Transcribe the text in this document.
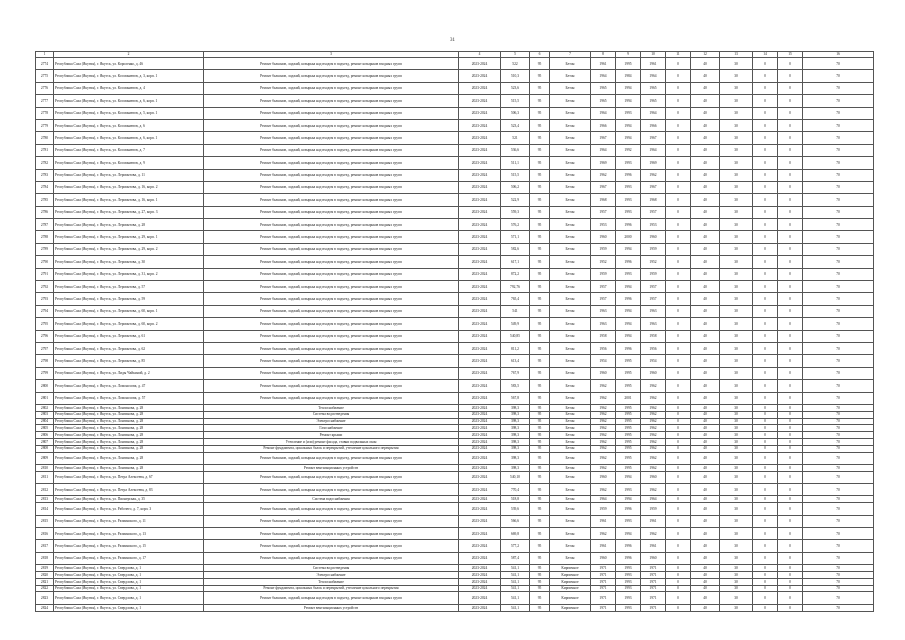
31
1	2	3	4	5	6	7	8	9	10	11	12	13	14	15	16
2774	Республика Саха (Якутия), г. Якутск, ул. Короленко, д. 46	Ремонт балконов, лоджий, козырька над входом в подъезд, ремонт козырьков входных групп	2023-2024	522	95	Бетон	1961	1995	1961	0	40	30	0	0	70
2775	Республика Саха (Якутия), г. Якутск, ул. Космонавтов, д. 3, корп. 1	Ремонт балконов, лоджий, козырька над входом в подъезд, ремонт козырьков входных групп	2023-2024	510,3	95	Бетон	1964	1984	1964	0	40	30	0	0	70
2776	Республика Саха (Якутия), г. Якутск, ул. Космонавтов, д. 4	Ремонт балконов, лоджий, козырька над входом в подъезд, ремонт козырьков входных групп	2023-2024	523,6	95	Бетон	1965	1994	1965	0	40	30	0	0	70
2777	Республика Саха (Якутия), г. Якутск, ул. Космонавтов, д. 6, корп. 1	Ремонт балконов, лоджий, козырька над входом в подъезд, ремонт козырьков входных групп	2023-2024	515,5	95	Бетон	1965	1994	1965	0	40	30	0	0	70
2778	Республика Саха (Якутия), г. Якутск, ул. Космонавтов, д. 5, корп. 1	Ремонт балконов, лоджий, козырька над входом в подъезд, ремонт козырьков входных групп	2023-2024	506,3	95	Бетон	1964	1993	1964	0	40	30	0	0	70
2779	Республика Саха (Якутия), г. Якутск, ул. Космонавтов, д. 6	Ремонт балконов, лоджий, козырька над входом в подъезд, ремонт козырьков входных групп	2023-2024	523,4	95	Бетон	1966	1994	1966	0	40	30	0	0	70
2780	Республика Саха (Якутия), г. Якутск, ул. Космонавтов, д. 6, корп. 1	Ремонт балконов, лоджий, козырька над входом в подъезд, ремонт козырьков входных групп	2023-2024	521	95	Бетон	1967	1994	1967	0	40	30	0	0	70
2781	Республика Саха (Якутия), г. Якутск, ул. Космонавтов, д. 7	Ремонт балконов, лоджий, козырька над входом в подъезд, ремонт козырьков входных групп	2023-2024	536,6	95	Бетон	1964	1992	1964	0	40	30	0	0	70
2782	Республика Саха (Якутия), г. Якутск, ул. Космонавтов, д. 9	Ремонт балконов, лоджий, козырька над входом в подъезд, ремонт козырьков входных групп	2023-2024	511,1	95	Бетон	1969	1993	1969	0	40	30	0	0	70
2783	Республика Саха (Якутия), г. Якутск, ул. Лермонтова, д. 11	Ремонт балконов, лоджий, козырька над входом в подъезд, ремонт козырьков входных групп	2023-2024	515,5	95	Бетон	1962	1996	1962	0	40	30	0	0	70
2784	Республика Саха (Якутия), г. Якутск, ул. Лермонтова, д. 16, корп. 2	Ремонт балконов, лоджий, козырька над входом в подъезд, ремонт козырьков входных групп	2023-2024	506,2	95	Бетон	1967	1993	1967	0	40	30	0	0	70
2785	Республика Саха (Якутия), г. Якутск, ул. Лермонтова, д. 16, корп. 1	Ремонт балконов, лоджий, козырька над входом в подъезд, ремонт козырьков входных групп	2023-2024	522,9	95	Бетон	1968	1993	1968	0	40	30	0	0	70
2786	Республика Саха (Якутия), г. Якутск, ул. Лермонтова, д. 27, корп. 3	Ремонт балконов, лоджий, козырька над входом в подъезд, ремонт козырьков входных групп	2023-2024	559,3	95	Бетон	1957	1993	1957	0	40	30	0	0	70
2787	Республика Саха (Якутия), г. Якутск, ул. Лермонтова, д. 28	Ремонт балконов, лоджий, козырька над входом в подъезд, ремонт козырьков входных групп	2023-2024	576,2	95	Бетон	1953	1996	1953	0	40	30	0	0	70
2788	Республика Саха (Якутия), г. Якутск, ул. Лермонтова, д. 29, корп. 1	Ремонт балконов, лоджий, козырька над входом в подъезд, ремонт козырьков входных групп	2023-2024	571,1	95	Бетон	1960	2000	1960	0	40	30	0	0	70
2789	Республика Саха (Якутия), г. Якутск, ул. Лермонтова, д. 29, корп. 2	Ремонт балконов, лоджий, козырька над входом в подъезд, ремонт козырьков входных групп	2023-2024	582,6	95	Бетон	1959	1994	1959	0	40	30	0	0	70
2790	Республика Саха (Якутия), г. Якутск, ул. Лермонтова, д. 30	Ремонт балконов, лоджий, козырька над входом в подъезд, ремонт козырьков входных групп	2023-2024	617,1	95	Бетон	1952	1996	1952	0	40	30	0	0	70
2791	Республика Саха (Якутия), г. Якутск, ул. Лермонтова, д. 31, корп. 2	Ремонт балконов, лоджий, козырька над входом в подъезд, ремонт козырьков входных групп	2023-2024	872,2	95	Бетон	1959	1993	1959	0	40	30	0	0	70
2792	Республика Саха (Якутия), г. Якутск, ул. Лермонтова, д. 57	Ремонт балконов, лоджий, козырька над входом в подъезд, ремонт козырьков входных групп	2023-2024	792,76	95	Бетон	1957	1994	1957	0	40	30	0	0	70
2793	Республика Саха (Якутия), г. Якутск, ул. Лермонтова, д. 59	Ремонт балконов, лоджий, козырька над входом в подъезд, ремонт козырьков входных групп	2023-2024	765,4	95	Бетон	1957	1996	1957	0	40	30	0	0	70
2794	Республика Саха (Якутия), г. Якутск, ул. Лермонтова, д. 60, корп. 1	Ремонт балконов, лоджий, козырька над входом в подъезд, ремонт козырьков входных групп	2023-2024	541	95	Бетон	1963	1994	1963	0	40	30	0	0	70
2795	Республика Саха (Якутия), г. Якутск, ул. Лермонтова, д. 60, корп. 2	Ремонт балконов, лоджий, козырька над входом в подъезд, ремонт козырьков входных групп	2023-2024	549,9	95	Бетон	1963	1994	1963	0	40	30	0	0	70
2796	Республика Саха (Якутия), г. Якутск, ул. Лермонтова, д. 61	Ремонт балконов, лоджий, козырька над входом в подъезд, ремонт козырьков входных групп	2023-2024	540,85	95	Бетон	1958	1994	1958	0	40	30	0	0	70
2797	Республика Саха (Якутия), г. Якутск, ул. Лермонтова, д. 62	Ремонт балконов, лоджий, козырька над входом в подъезд, ремонт козырьков входных групп	2023-2024	811,2	95	Бетон	1956	1996	1956	0	40	30	0	0	70
2798	Республика Саха (Якутия), г. Якутск, ул. Лермонтова, д. 85	Ремонт балконов, лоджий, козырька над входом в подъезд, ремонт козырьков входных групп	2023-2024	613,4	95	Бетон	1954	1995	1954	0	40	30	0	0	70
2799	Республика Саха (Якутия), г. Якутск, ул. Лиды Чайкиной, д. 2	Ремонт балконов, лоджий, козырька над входом в подъезд, ремонт козырьков входных групп	2023-2024	767,9	95	Бетон	1960	1995	1960	0	40	30	0	0	70
2800	Республика Саха (Якутия), г. Якутск, ул. Ломоносова, д. 47	Ремонт балконов, лоджий, козырька над входом в подъезд, ремонт козырьков входных групп	2023-2024	583,5	95	Бетон	1962	1995	1962	0	40	30	0	0	70
2801	Республика Саха (Якутия), г. Якутск, ул. Ломоносова, д. 57	Ремонт балконов, лоджий, козырька над входом в подъезд, ремонт козырьков входных групп	2023-2024	567,8	95	Бетон	1962	2001	1962	0	40	30	0	0	70
2802	Республика Саха (Якутия), г. Якутск, ул. Лонгинова, д. 28	Теплоснабжение	2023-2024	398,3	95	Бетон	1962	1995	1962	0	40	30	0	0	70
2803	Республика Саха (Якутия), г. Якутск, ул. Лонгинова, д. 28	Система водоотведения	2023-2024	398,3	95	Бетон	1962	1995	1962	0	40	30	0	0	70
2804	Республика Саха (Якутия), г. Якутск, ул. Лонгинова, д. 28	Электроснабжение	2023-2024	398,3	95	Бетон	1962	1995	1962	0	40	30	0	0	70
2805	Республика Саха (Якутия), г. Якутск, ул. Лонгинова, д. 28	Газоснабжение	2023-2024	398,3	95	Бетон	1962	1995	1962	0	40	30	0	0	70
2806	Республика Саха (Якутия), г. Якутск, ул. Лонгинова, д. 28	Ремонт крыши	2023-2024	398,3	95	Бетон	1962	1995	1962	0	40	30	0	0	70
2807	Республика Саха (Якутия), г. Якутск, ул. Лонгинова, д. 28	Утепление и (или) ремонт фасада, ставни подвальных окон	2023-2024	398,3	95	Бетон	1962	1995	1962	0	40	30	0	0	70
2808	Республика Саха (Якутия), г. Якутск, ул. Лонгинова, д. 28	Ремонт фундамента, цокольных балок и перекрытий, утепление цокольного перекрытия	2023-2024	398,3	95	Бетон	1962	1995	1962	0	40	30	0	0	70
2809	Республика Саха (Якутия), г. Якутск, ул. Лонгинова, д. 28	Ремонт балконов, лоджий, козырька над входом в подъезд, ремонт козырьков входных групп	2023-2024	398,3	95	Бетон	1962	1995	1962	0	40	30	0	0	70
2810	Республика Саха (Якутия), г. Якутск, ул. Лонгинова, д. 28	Ремонт вентиляционных устройств	2023-2024	398,3	95	Бетон	1962	1995	1962	0	40	30	0	0	70
2811	Республика Саха (Якутия), г. Якутск, ул. Петра Алексеева, д. 67	Ремонт балконов, лоджий, козырька над входом в подъезд, ремонт козырьков входных групп	2023-2024	540,10	95	Бетон	1960	1994	1960	0	40	30	0	0	70
2812	Республика Саха (Якутия), г. Якутск, ул. Петра Алексеева, д. 83	Ремонт балконов, лоджий, козырька над входом в подъезд, ремонт козырьков входных групп	2023-2024	770,4	95	Бетон	1962	1993	1962	0	40	30	0	0	70
2813	Республика Саха (Якутия), г. Якутск, ул. Пионерская, д. 35	Система водоснабжения	2023-2024	518,8	95	Бетон	1964	1994	1964	0	40	30	0	0	70
2814	Республика Саха (Якутия), г. Якутск, ул. Рабочего, д. 7, корп. 3	Ремонт балконов, лоджий, козырька над входом в подъезд, ремонт козырьков входных групп	2023-2024	539,6	95	Бетон	1959	1996	1959	0	40	30	0	0	70
2815	Республика Саха (Якутия), г. Якутск, ул. Разминского, д. 11	Ремонт балконов, лоджий, козырька над входом в подъезд, ремонт козырьков входных групп	2023-2024	566,6	95	Бетон	1961	1993	1961	0	40	30	0	0	70
2816	Республика Саха (Якутия), г. Якутск, ул. Разминского, д. 13	Ремонт балконов, лоджий, козырька над входом в подъезд, ремонт козырьков входных групп	2023-2024	669,8	95	Бетон	1962	1994	1962	0	40	30	0	0	70
2817	Республика Саха (Якутия), г. Якутск, ул. Разминского, д. 15	Ремонт балконов, лоджий, козырька над входом в подъезд, ремонт козырьков входных групп	2023-2024	577,2	95	Бетон	1961	1996	1961	0	40	30	0	0	70
2818	Республика Саха (Якутия), г. Якутск, ул. Разминского, д. 17	Ремонт балконов, лоджий, козырька над входом в подъезд, ремонт козырьков входных групп	2023-2024	587,4	95	Бетон	1960	1996	1960	0	40	30	0	0	70
2819	Республика Саха (Якутия), г. Якутск, ул. Свердлова, д. 1	Система водоотведения	2023-2024	541,1	95	Кирпичное	1971	1993	1971	0	40	30	0	0	70
2820	Республика Саха (Якутия), г. Якутск, ул. Свердлова, д. 1	Электроснабжение	2023-2024	541,1	95	Кирпичное	1971	1993	1971	0	40	30	0	0	70
2821	Республика Саха (Якутия), г. Якутск, ул. Свердлова, д. 1	Теплоснабжение	2023-2024	541,1	95	Кирпичное	1971	1993	1971	0	40	30	0	0	70
2822	Республика Саха (Якутия), г. Якутск, ул. Свердлова, д. 1	Ремонт фундамента, цокольных балок и перекрытий, утепление цокольного перекрытия	2023-2024	541,1	95	Кирпичное	1971	1993	1971	0	40	30	0	0	70
2823	Республика Саха (Якутия), г. Якутск, ул. Свердлова, д. 1	Ремонт балконов, лоджий, козырька над входом в подъезд, ремонт козырьков входных групп	2023-2024	541,1	95	Кирпичное	1971	1993	1971	0	40	30	0	0	70
2824	Республика Саха (Якутия), г. Якутск, ул. Свердлова, д. 1	Ремонт вентиляционных устройств	2023-2024	541,1	95	Кирпичное	1971	1993	1971	0	40	30	0	0	70
